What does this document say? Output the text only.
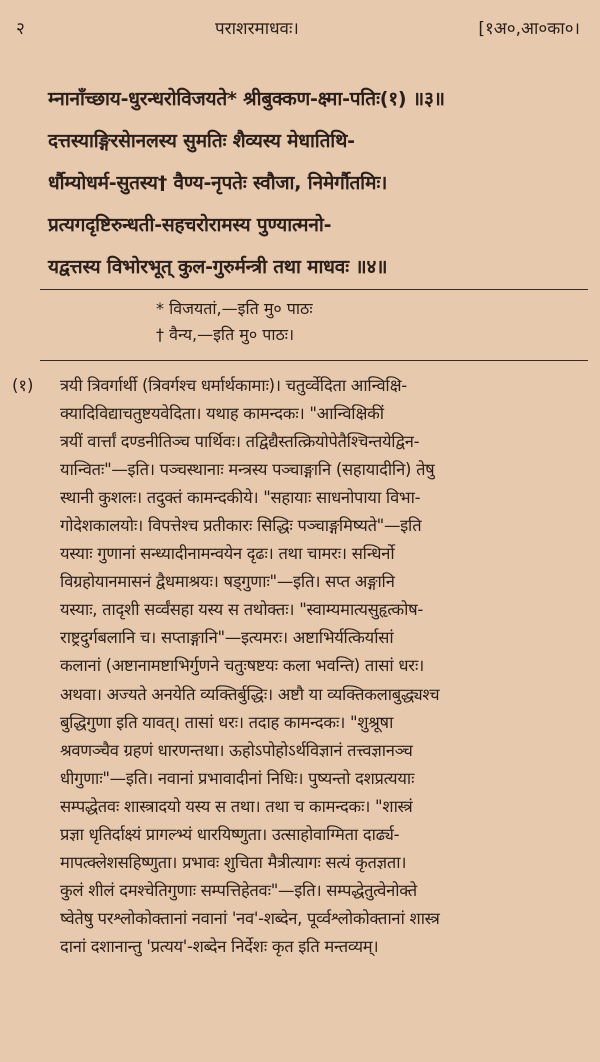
२	पराशरमाधवः।	[१अ०,आ०का०।
म्नानाँच्छाय-धुरन्धरोविजयते* श्रीबुक्कण-क्ष्मा-पतिः(१) ॥३॥
दत्तस्याङ्गिरसेानलस्य सुमतिः शैव्यस्य मेधातिथि-
र्धौम्योधर्म-सुतस्य† वैण्य-नृपतेः स्वौजा, निमेर्गौतमिः।
प्रत्यगदृष्टिरुन्धती-सहचरोरामस्य पुण्यात्मनो-
यद्वत्तस्य विभोरभूत् कुल-गुरुर्मन्त्री तथा माधवः ॥४॥
* विजयतां,—इति मु० पाठः
† वैन्य,—इति मु० पाठः।
(१) त्रयी त्रिवर्गार्थी (त्रिवर्गश्च धर्मार्थकामाः)। चतुर्व्वेदिता आन्विक्षि-
क्यादिविद्याचतुष्टयवेदिता। यथाह कामन्दकः। "आन्विक्षिकीं
त्रयीं वार्त्तां दण्डनीतिञ्च पार्थिवः। तद्विद्यैस्तत्क्रियोपेतैश्चिन्तयेद्विन-
यान्वितः"—इति। पञ्चस्थानाः मन्त्रस्य पञ्चाङ्गानि (सहायादीनि) तेषु
स्थानी कुशलः। तदुक्तं कामन्दकीये। "सहायाः साधनोपाया विभा-
गोदेशकालयोः। विपत्तेश्च प्रतीकारः सिद्धिः पञ्चाङ्गमिष्यते"—इति
यस्याः गुणानां सन्ध्यादीनामन्वयेन दृढः। तथा चामरः। सन्धिर्नो
विग्रहोयानमासनं द्वैधमाश्रयः। षड्गुणाः"—इति। सप्त अङ्गानि
यस्याः, तादृशी सर्व्वंसहा यस्य स तथोक्तः। "स्वाम्यमात्यसुहृत्कोष-
राष्ट्रदुर्गबलानि च। सप्ताङ्गानि"—इत्यमरः। अष्टाभिर्यत्किर्यासां
कलानां (अष्टानामष्टाभिर्गुणने चतुःषष्टयः कला भवन्ति) तासां धरः।
अथवा। अज्यते अनयेति व्यक्तिर्बुद्धिः। अष्टौ या व्यक्तिकलाबुद्ध्यश्च
बुद्धिगुणा इति यावत्। तासां धरः। तदाह कामन्दकः। "शुश्रूषा
श्रवणञ्चैव ग्रहणं धारणन्तथा। ऊहोऽपोहोऽर्थविज्ञानं तत्त्वज्ञानञ्च
धीगुणाः"—इति। नवानां प्रभावादीनां निधिः। पुष्यन्तो दशप्रत्ययाः
सम्पद्धेतवः शास्त्रादयो यस्य स तथा। तथा च कामन्दकः। "शास्त्रं
प्रज्ञा धृतिर्दाक्ष्यं प्रागल्भ्यं धारयिष्णुता। उत्साहोवाग्मिता दार्ढ्य-
मापत्क्लेशसहिष्णुता। प्रभावः शुचिता मैत्रीत्यागः सत्यं कृतज्ञता।
कुलं शीलं दमश्चेतिगुणाः सम्पत्तिहेतवः"—इति। सम्पद्धेतुत्वेनोक्ते
ष्वेतेषु परश्लोकोक्तानां नवानां 'नव'-शब्देन, पूर्व्वश्लोकोक्तानां शास्त्र
दानां दशानान्तु 'प्रत्यय'-शब्देन निर्देशः कृत इति मन्तव्यम्।
